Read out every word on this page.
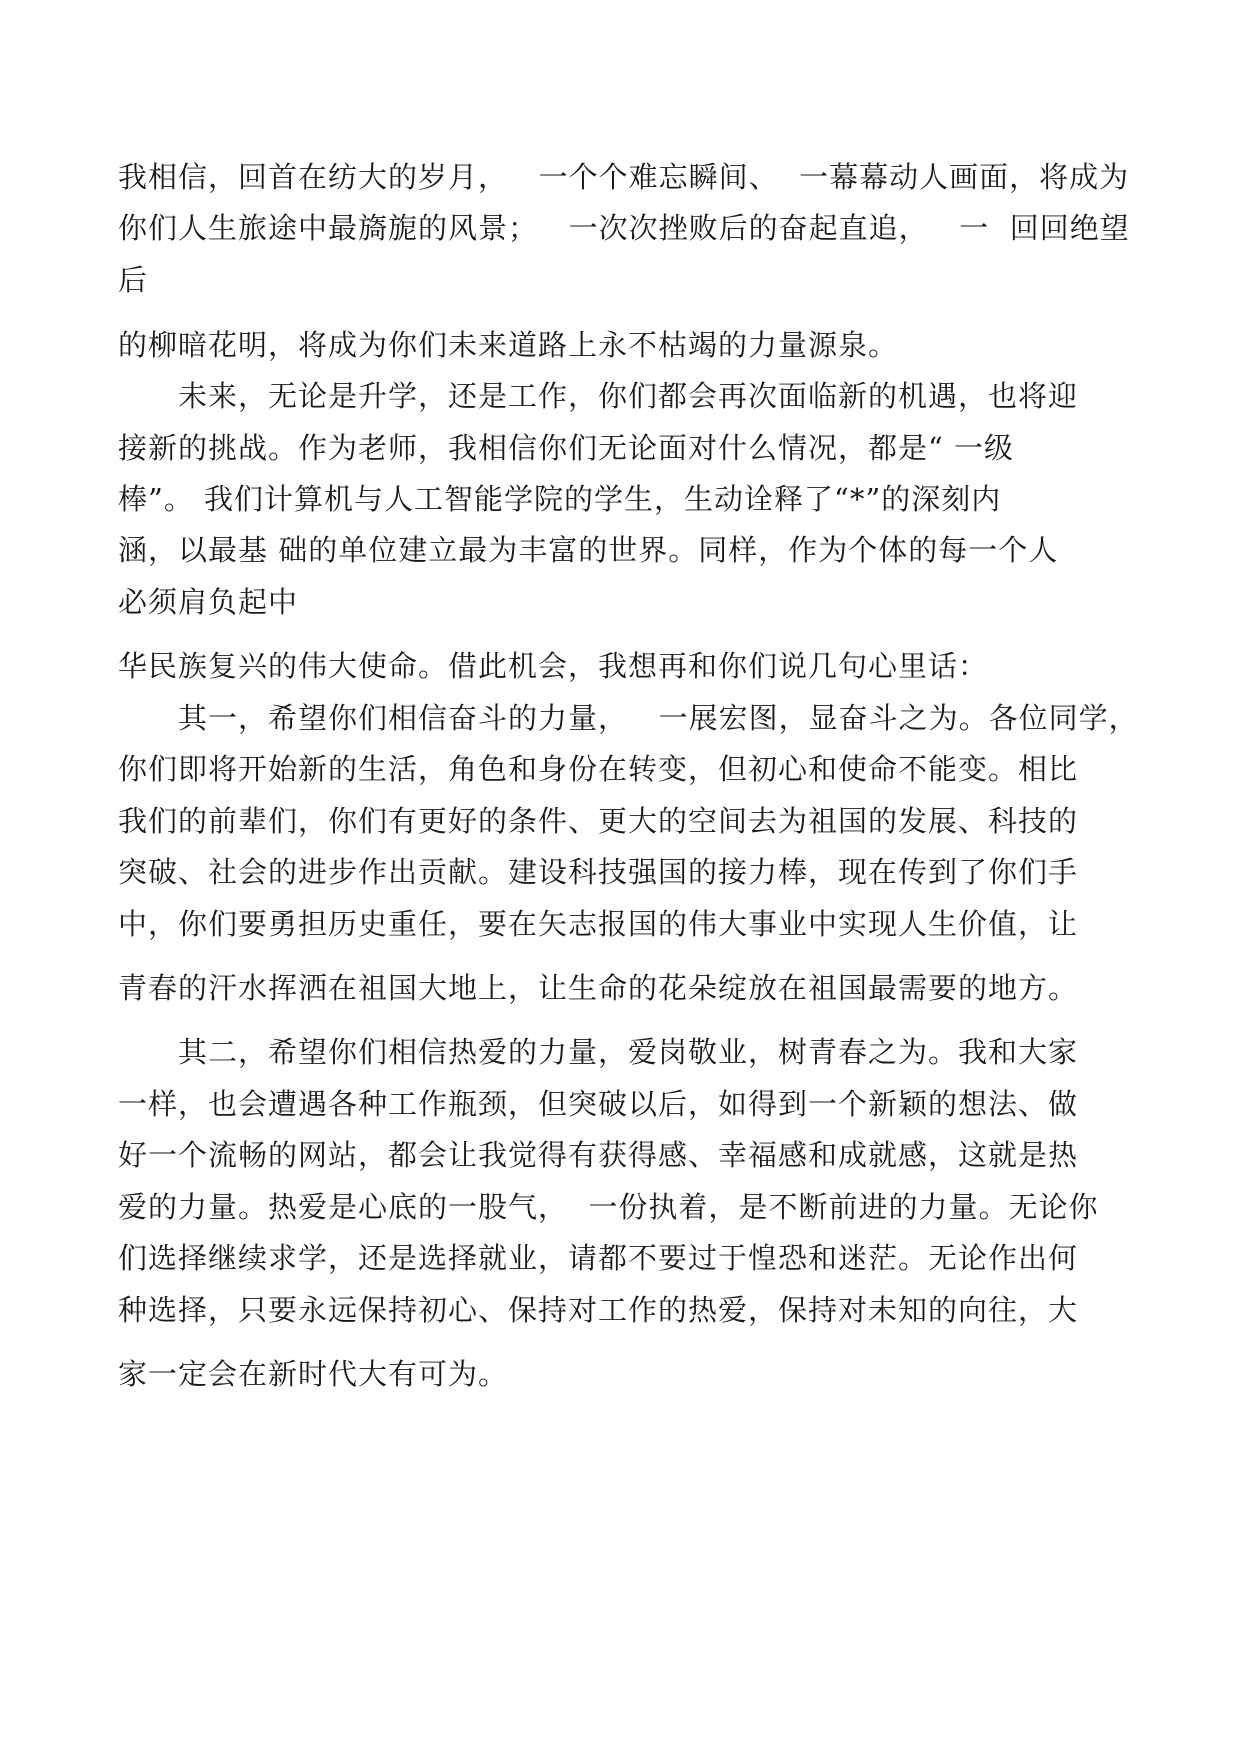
我相信，回首在纺大的岁月，   一个个难忘瞬间、  一幕幕动人画面，将成为
你们人生旅途中最旖旎的风景；   一次次挫败后的奋起直追，   一  回回绝望
后
的柳暗花明，将成为你们未来道路上永不枯竭的力量源泉。
未来，无论是升学，还是工作，你们都会再次面临新的机遇，也将迎
接新的挑战。作为老师，我相信你们无论面对什么情况，都是“ 一级
棒”。 我们计算机与人工智能学院的学生，生动诠释了“*”的深刻内
涵，以最基 础的单位建立最为丰富的世界。同样，作为个体的每一个人
必须肩负起中
华民族复兴的伟大使命。借此机会，我想再和你们说几句心里话：
其一，希望你们相信奋斗的力量，   一展宏图，显奋斗之为。各位同学，
你们即将开始新的生活，角色和身份在转变，但初心和使命不能变。相比
我们的前辈们，你们有更好的条件、更大的空间去为祖国的发展、科技的
突破、社会的进步作出贡献。建设科技强国的接力棒，现在传到了你们手
中，你们要勇担历史重任，要在矢志报国的伟大事业中实现人生价值，让
青春的汗水挥洒在祖国大地上，让生命的花朵绽放在祖国最需要的地方。
其二，希望你们相信热爱的力量，爱岗敬业，树青春之为。我和大家
一样，也会遭遇各种工作瓶颈，但突破以后，如得到一个新颖的想法、做
好一个流畅的网站，都会让我觉得有获得感、幸福感和成就感，这就是热
爱的力量。热爱是心底的一股气，  一份执着，是不断前进的力量。无论你
们选择继续求学，还是选择就业，请都不要过于惶恐和迷茫。无论作出何
种选择，只要永远保持初心、保持对工作的热爱，保持对未知的向往，大
家一定会在新时代大有可为。
